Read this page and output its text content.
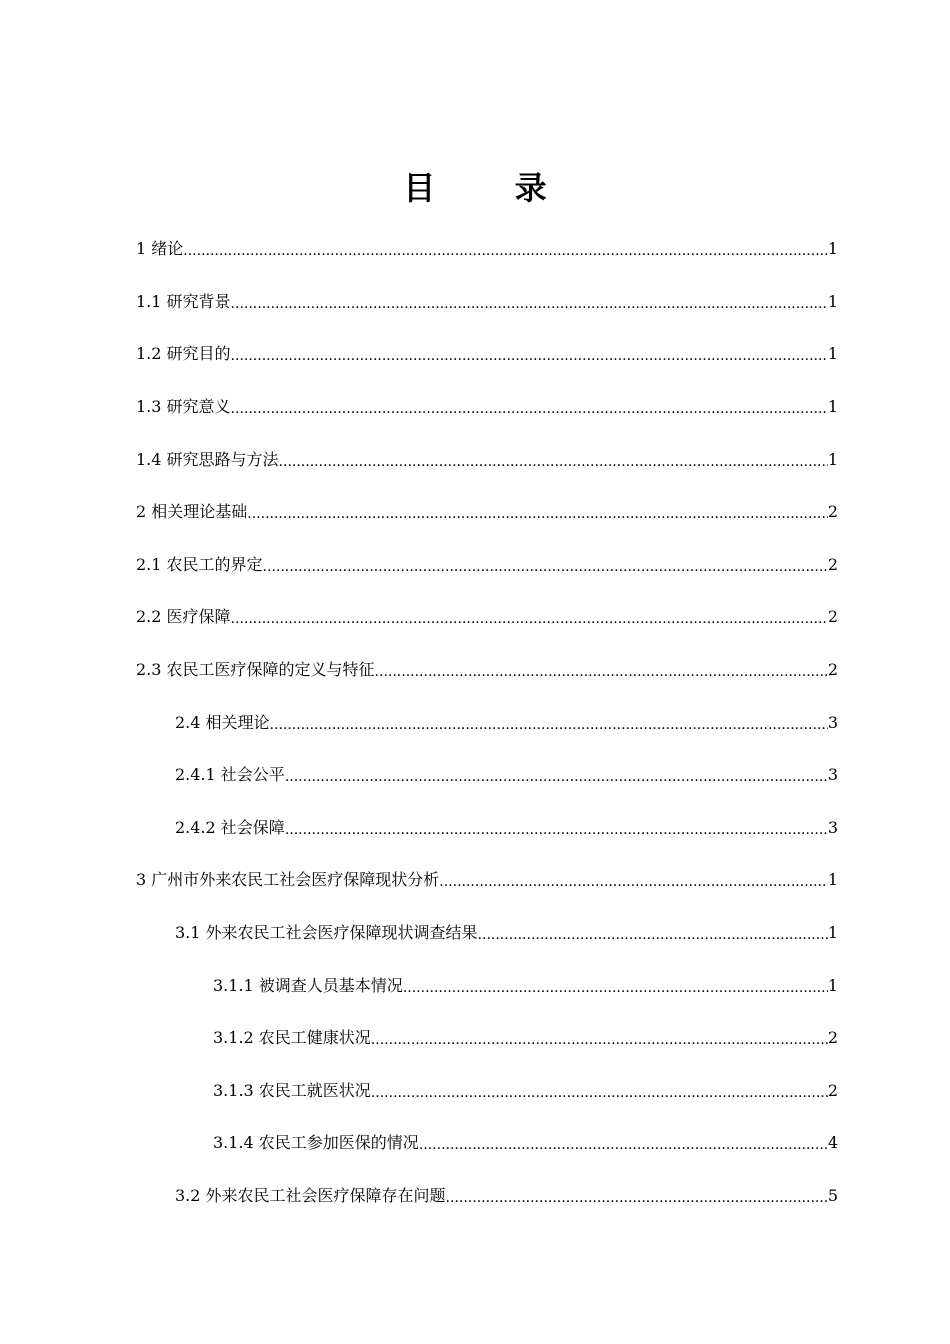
目 录
1 绪论 .....	1
1.1 研究背景 .....	1
1.2 研究目的 .....	1
1.3 研究意义 .....	1
1.4 研究思路与方法 .....	1
2 相关理论基础 .....	2
2.1 农民工的界定 .....	2
2.2 医疗保障 .....	2
2.3 农民工医疗保障的定义与特征 .....	2
2.4 相关理论 .....	3
2.4.1 社会公平 .....	3
2.4.2 社会保障 .....	3
3 广州市外来农民工社会医疗保障现状分析 .....	1
3.1 外来农民工社会医疗保障现状调查结果 .....	1
3.1.1 被调查人员基本情况 .....	1
3.1.2 农民工健康状况 .....	2
3.1.3 农民工就医状况 .....	2
3.1.4 农民工参加医保的情况 .....	4
3.2 外来农民工社会医疗保障存在问题 .....	5
